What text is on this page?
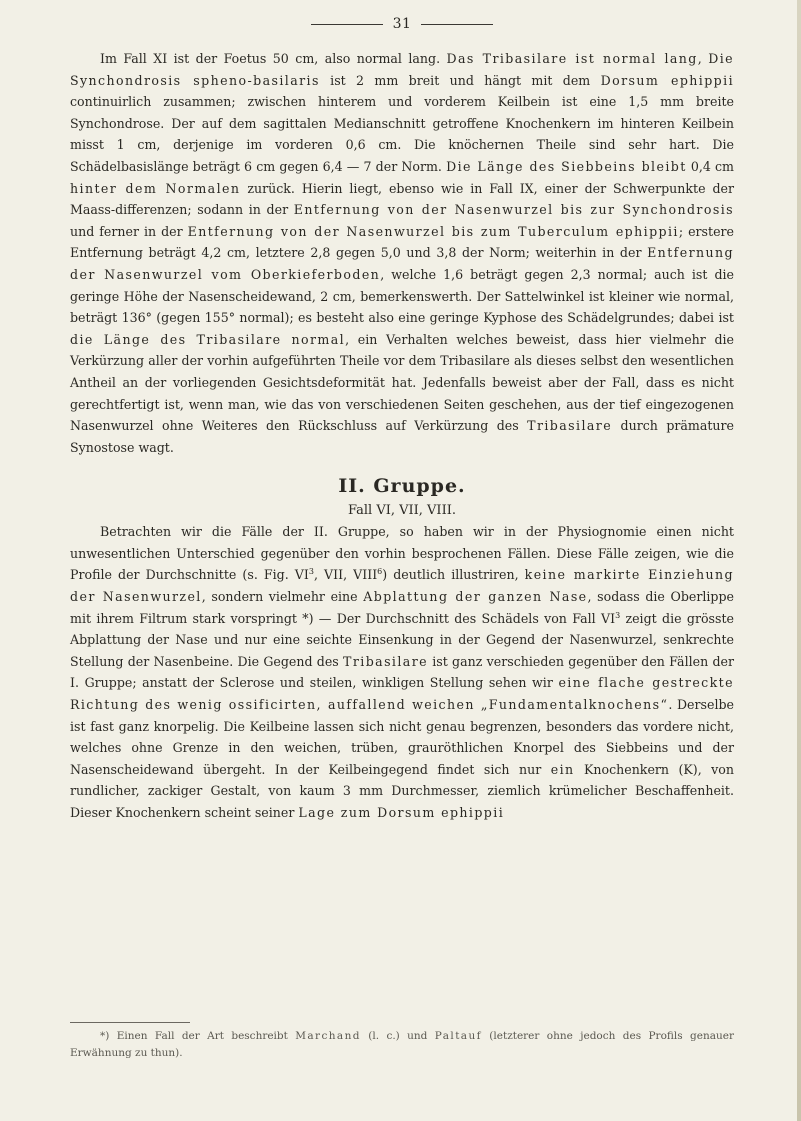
31

Im Fall XI ist der Foetus 50 cm, also normal lang. Das Tribasilare ist normal lang, Die Synchondrosis spheno-basilaris ist 2 mm breit und hängt mit dem Dorsum ephippii continuirlich zusammen; zwischen hinterem und vorderem Keilbein ist eine 1,5 mm breite Synchondrose. Der auf dem sagittalen Medianschnitt getroffene Knochenkern im hinteren Keilbein misst 1 cm, derjenige im vorderen 0,6 cm. Die knöchernen Theile sind sehr hart. Die Schädelbasislänge beträgt 6 cm gegen 6,4 — 7 der Norm. Die Länge des Siebbeins bleibt 0,4 cm hinter dem Normalen zurück. Hierin liegt, ebenso wie in Fall IX, einer der Schwerpunkte der Maass-differenzen; sodann in der Entfernung von der Nasenwurzel bis zur Synchondrosis und ferner in der Entfernung von der Nasenwurzel bis zum Tuberculum ephippii; erstere Entfernung beträgt 4,2 cm, letztere 2,8 gegen 5,0 und 3,8 der Norm; weiterhin in der Entfernung der Nasenwurzel vom Oberkieferboden, welche 1,6 beträgt gegen 2,3 normal; auch ist die geringe Höhe der Nasenscheidewand, 2 cm, bemerkenswerth. Der Sattelwinkel ist kleiner wie normal, beträgt 136° (gegen 155° normal); es besteht also eine geringe Kyphose des Schädelgrundes; dabei ist die Länge des Tribasilare normal, ein Verhalten welches beweist, dass hier vielmehr die Verkürzung aller der vorhin aufgeführten Theile vor dem Tribasilare als dieses selbst den wesentlichen Antheil an der vorliegenden Gesichtsdeformität hat. Jedenfalls beweist aber der Fall, dass es nicht gerechtfertigt ist, wenn man, wie das von verschiedenen Seiten geschehen, aus der tief eingezogenen Nasenwurzel ohne Weiteres den Rückschluss auf Verkürzung des Tribasilare durch prämature Synostose wagt.

II. Gruppe.
Fall VI, VII, VIII.

Betrachten wir die Fälle der II. Gruppe, so haben wir in der Physiognomie einen nicht unwesentlichen Unterschied gegenüber den vorhin besprochenen Fällen. Diese Fälle zeigen, wie die Profile der Durchschnitte (s. Fig. $VI^3$, VII, VIII$^6$) deutlich illustriren, keine markirte Einziehung der Nasenwurzel, sondern vielmehr eine Abplattung der ganzen Nase, sodass die Oberlippe mit ihrem Filtrum stark vorspringt *) — Der Durchschnitt des Schädels von Fall $VI^3$ zeigt die grösste Abplattung der Nase und nur eine seichte Einsenkung in der Gegend der Nasenwurzel, senkrechte Stellung der Nasenbeine. Die Gegend des Tribasilare ist ganz verschieden gegenüber den Fällen der I. Gruppe; anstatt der Sclerose und steilen, winkligen Stellung sehen wir eine flache gestreckte Richtung des wenig ossificirten, auffallend weichen „Fundamentalknochens“. Derselbe ist fast ganz knorpelig. Die Keilbeine lassen sich nicht genau begrenzen, besonders das vordere nicht, welches ohne Grenze in den weichen, trüben, grauröthlichen Knorpel des Siebbeins und der Nasenscheidewand übergeht. In der Keilbeingegend findet sich nur ein Knochenkern (K), von rundlicher, zackiger Gestalt, von kaum 3 mm Durchmesser, ziemlich krümelicher Beschaffenheit. Dieser Knochenkern scheint seiner Lage zum Dorsum ephippii

*) Einen Fall der Art beschreibt Marchand (l. c.) und Paltauf (letzterer ohne jedoch des Profils genauer Erwähnung zu thun).
